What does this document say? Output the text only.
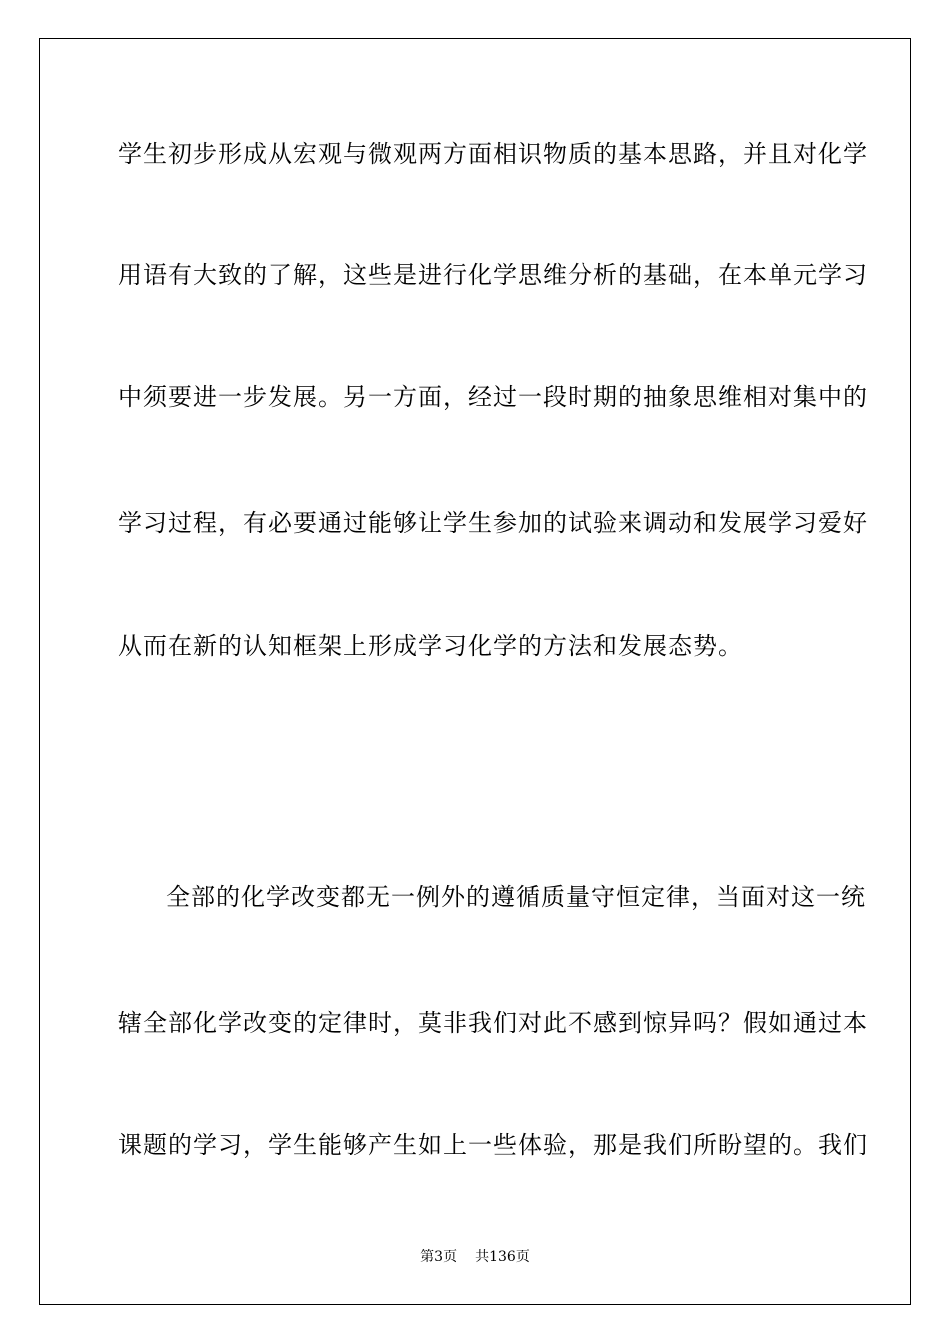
学生初步形成从宏观与微观两方面相识物质的基本思路，并且对化学
用语有大致的了解，这些是进行化学思维分析的基础，在本单元学习
中须要进一步发展。另一方面，经过一段时期的抽象思维相对集中的
学习过程，有必要通过能够让学生参加的试验来调动和发展学习爱好
从而在新的认知框架上形成学习化学的方法和发展态势。
全部的化学改变都无一例外的遵循质量守恒定律，当面对这一统
辖全部化学改变的定律时，莫非我们对此不感到惊异吗？假如通过本
课题的学习，学生能够产生如上一些体验，那是我们所盼望的。我们
第3页 共136页
